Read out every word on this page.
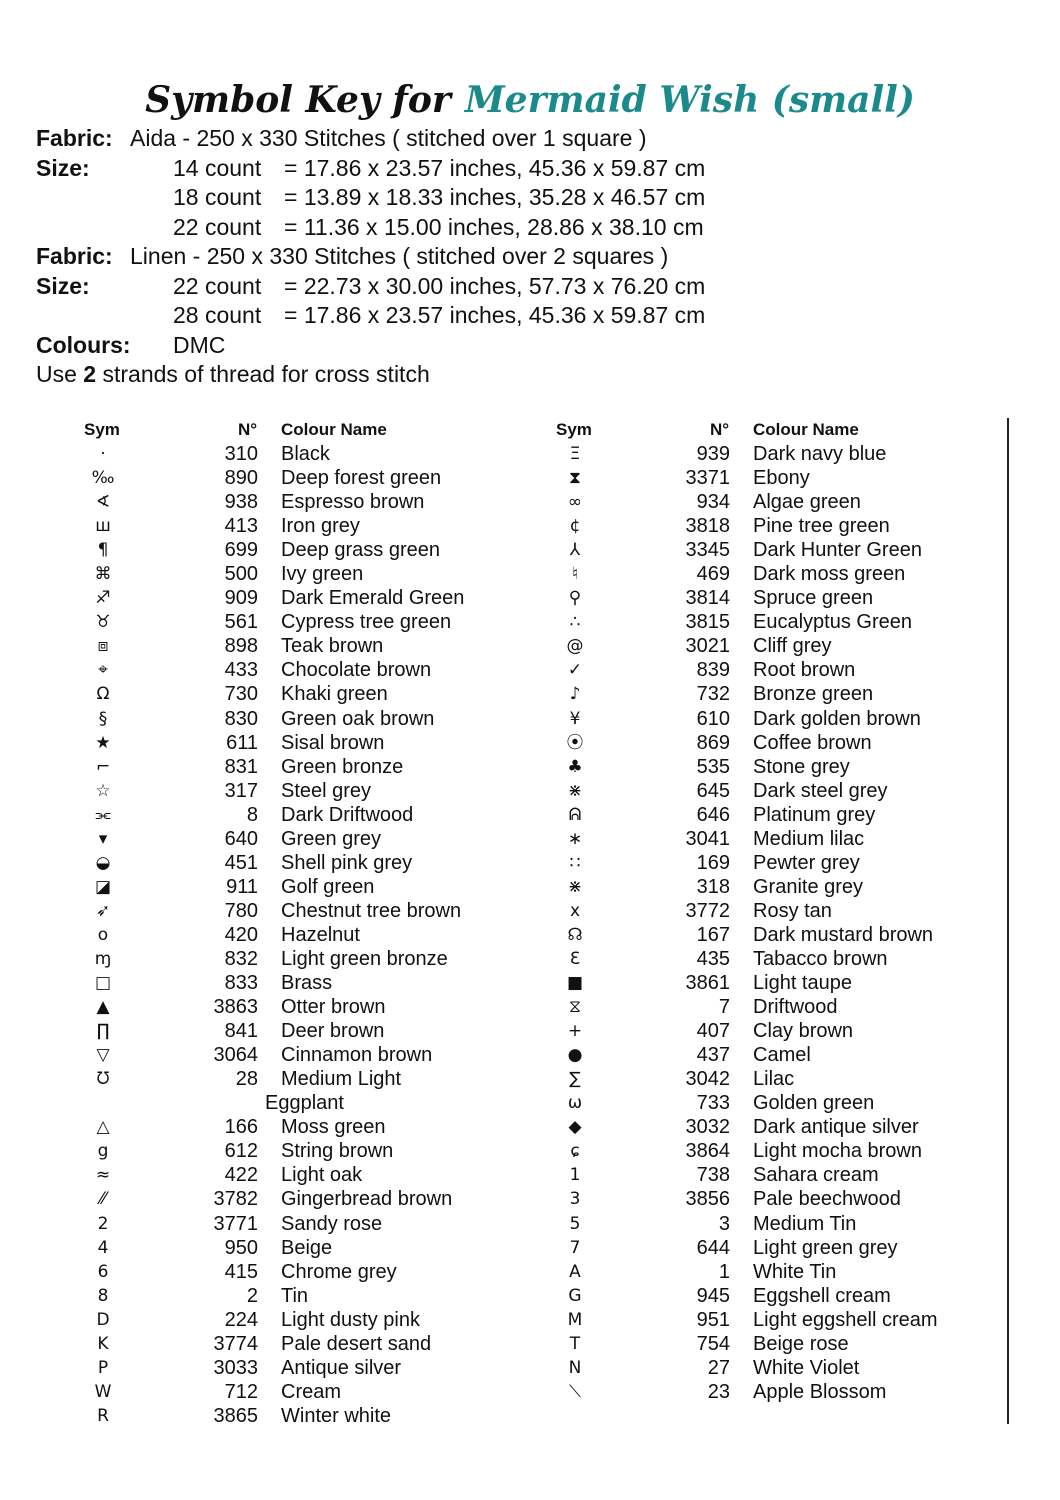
Symbol Key for Mermaid Wish (small)
Fabric: Aida - 250 x 330 Stitches ( stitched over 1 square )
Size:	14 count = 17.86 x 23.57 inches, 45.36 x 59.87 cm
18 count = 13.89 x 18.33 inches, 35.28 x 46.57 cm
22 count = 11.36 x 15.00 inches, 28.86 x 38.10 cm
Fabric: Linen - 250 x 330 Stitches ( stitched over 2 squares )
Size:	22 count = 22.73 x 30.00 inches, 57.73 x 76.20 cm
28 count = 17.86 x 23.57 inches, 45.36 x 59.87 cm
Colours: DMC
Use 2 strands of thread for cross stitch
Sym	N° Colour Name
·	310 Black
‰	890 Deep forest green
∢	938 Espresso brown
ш	413 Iron grey
¶	699 Deep grass green
⌘	500 Ivy green
♐	909 Dark Emerald Green
♉	561 Cypress tree green
⧈	898 Teak brown
⌖	433 Chocolate brown
Ω	730 Khaki green
§	830 Green oak brown
★	611 Sisal brown
⌐	831 Green bronze
☆	317 Steel grey
⫘	8 Dark Driftwood
▾	640 Green grey
◒	451 Shell pink grey
◪	911 Golf green
➶	780 Chestnut tree brown
o	420 Hazelnut
ɱ	832 Light green bronze
□	833 Brass
▲	3863 Otter brown
∏	841 Deer brown
▽	3064 Cinnamon brown
ᘮ	28 Medium Light
Eggplant
△	166 Moss green
g	612 String brown
≈	422 Light oak
⁄⁄	3782 Gingerbread brown
2	3771 Sandy rose
4	950 Beige
6	415 Chrome grey
8	2 Tin
D	224 Light dusty pink
K	3774 Pale desert sand
P	3033 Antique silver
W	712 Cream
R	3865 Winter white
Sym	N° Colour Name
Ξ	939 Dark navy blue
⧗	3371 Ebony
∞	934 Algae green
¢	3818 Pine tree green
⅄	3345 Dark Hunter Green
♮	469 Dark moss green
⚲	3814 Spruce green
∴	3815 Eucalyptus Green
@	3021 Cliff grey
✓	839 Root brown
♪	732 Bronze green
¥	610 Dark golden brown
⦿	869 Coffee brown
♣	535 Stone grey
⋇	645 Dark steel grey
ᕱ	646 Platinum grey
∗	3041 Medium lilac
∷	169 Pewter grey
⋇	318 Granite grey
x	3772 Rosy tan
☊	167 Dark mustard brown
Ɛ	435 Tabacco brown
■	3861 Light taupe
⧖	7 Driftwood
+	407 Clay brown
●	437 Camel
∑	3042 Lilac
ω	733 Golden green
◆	3032 Dark antique silver
ɕ	3864 Light mocha brown
1	738 Sahara cream
3	3856 Pale beechwood
5	3 Medium Tin
7	644 Light green grey
A	1 White Tin
G	945 Eggshell cream
M	951 Light eggshell cream
T	754 Beige rose
N	27 White Violet
⟍	23 Apple Blossom
